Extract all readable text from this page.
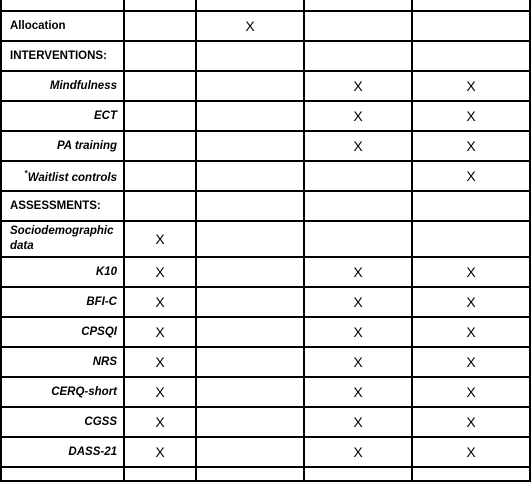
Allocation		X		
INTERVENTIONS:				
Mindfulness			X	X
ECT			X	X
PA training			X	X
*Waitlist controls				X
ASSESSMENTS:				
Sociodemographic data	X			
K10	X		X	X
BFI-C	X		X	X
CPSQI	X		X	X
NRS	X		X	X
CERQ-short	X		X	X
CGSS	X		X	X
DASS-21	X		X	X
